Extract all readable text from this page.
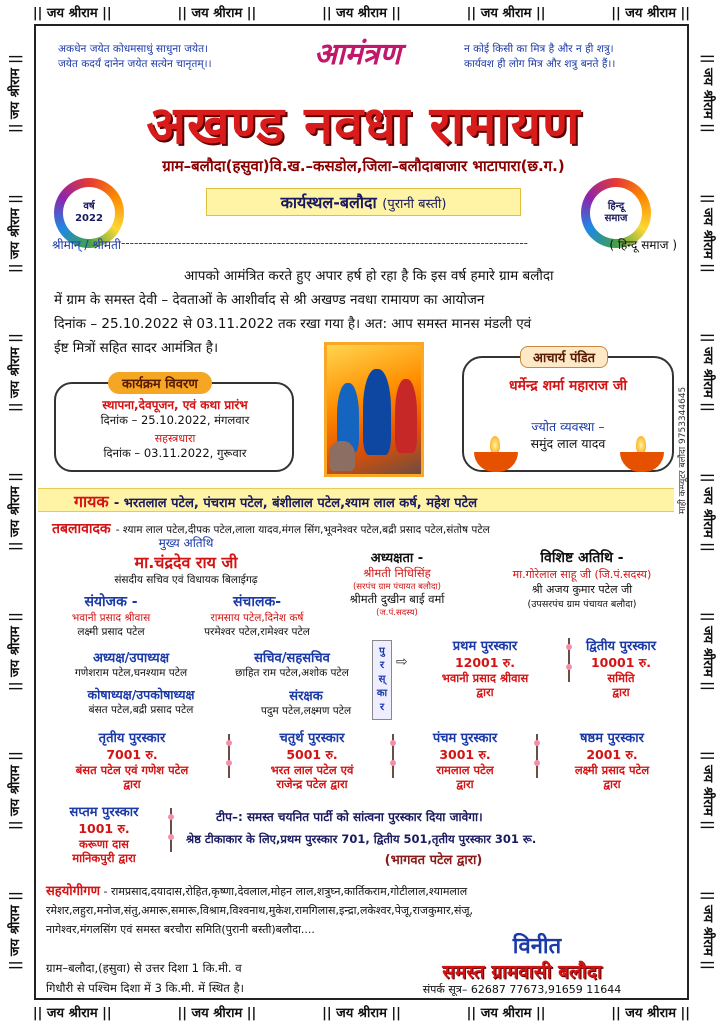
|| जय श्रीराम ||	|| जय श्रीराम ||	|| जय श्रीराम ||	|| जय श्रीराम ||	|| जय श्रीराम ||
|| जय श्रीराम ||	|| जय श्रीराम ||	|| जय श्रीराम ||	|| जय श्रीराम ||	|| जय श्रीराम ||
|| जय श्रीराम ||
|| जय श्रीराम ||
|| जय श्रीराम ||
|| जय श्रीराम ||
|| जय श्रीराम ||
|| जय श्रीराम ||
|| जय श्रीराम ||	|| जय श्रीराम ||
|| जय श्रीराम ||
|| जय श्रीराम ||
|| जय श्रीराम ||
|| जय श्रीराम ||
|| जय श्रीराम ||
|| जय श्रीराम ||
अकधेन जयेत कोधमसाधुं साधुना जयेत।
जयेत कदर्यं दानेन जयेत सत्येन चानृतम्।।	आमंत्रण	न कोई किसी का मित्र है और न ही शत्रु।
कार्यवश ही लोग मित्र और शत्रु बनते हैं।।
अखण्ड नवधा रामायण
ग्राम–बलौदा(हसुवा)वि.ख.–कसडोल,जिला–बलौदाबाजार भाटापारा(छ.ग.)
वर्ष
2022
हिन्दू
समाज
कार्यस्थल-बलौदा (पुरानी बस्ती)
श्रीमान् / श्रीमती ----------------------------------------------------------------------------------------------	( हिन्दू समाज )
आपको आमंत्रित करते हुए अपार हर्ष हो रहा है कि इस वर्ष हमारे ग्राम बलौदा
में ग्राम के समस्त देवी – देवताओं के आशीर्वाद से श्री अखण्ड नवधा रामायण का आयोजन
दिनांक – 25.10.2022 से 03.11.2022 तक रखा गया है। अत: आप समस्त मानस मंडली एवं
ईष्ट मित्रों सहित सादर आमंत्रित है।
कार्यक्रम विवरण
स्थापना,देवपूजन, एवं कथा प्रारंभ
दिनांक – 25.10.2022, मंगलवार
सहस्त्रधारा
दिनांक – 03.11.2022, गुरूवार
आचार्य पंडित
धर्मेन्द्र शर्मा महाराज जी
ज्योत व्यवस्था –
समुंद लाल यादव	माही कम्प्यूटर बलौदा 9753344645
गायक - भरतलाल पटेल, पंचराम पटेल, बंशीलाल पटेल,श्याम लाल कर्ष, महेश पटेल
तबलावादक - श्याम लाल पटेल,दीपक पटेल,लाला यादव,मंगल सिंग,भूवनेश्वर पटेल,बद्री प्रसाद पटेल,संतोष पटेल
मुख्य अतिथि
मा.चंद्रदेव राय जी
संसदीय सचिव एवं विधायक बिलाईगढ़
अध्यक्षता -
श्रीमती निधिसिंह
(सरपंच ग्राम पंचायत बलौदा)
श्रीमती दुखीन बाई वर्मा
(ज.पं.सदस्य)
विशिष्ट अतिथि -
मा.गोरेलाल साहू जी (जि.पं.सदस्य)
श्री अजय कुमार पटेल जी
(उपसरपंच ग्राम पंचायत बलौदा)
संयोजक -
भवानी प्रसाद श्रीवास
लक्ष्मी प्रसाद पटेल
संचालक-
रामसाय पटेल,दिनेश कर्ष
परमेश्वर पटेल,रामेश्वर पटेल
अध्यक्ष/उपाध्यक्ष
गणेशराम पटेल,घनश्याम पटेल
सचिव/सहसचिव
छाहित राम पटेल,अशोक पटेल
कोषाध्यक्ष/उपकोषाध्यक्ष
बंसत पटेल,बद्री प्रसाद पटेल
संरक्षक
पदुम पटेल,लक्ष्मण पटेल
पु
र
स्
का
र
⇨
प्रथम पुरस्कार
12001 रु.
भवानी प्रसाद श्रीवास
द्वारा
द्वितीय पुरस्कार
10001 रु.
समिति
द्वारा
तृतीय पुरस्कार
7001 रु.
बंसत पटेल एवं गणेश पटेल
द्वारा
चतुर्थ पुरस्कार
5001 रु.
भरत लाल पटेल एवं
राजेन्द्र पटेल द्वारा
पंचम पुरस्कार
3001 रु.
रामलाल पटेल
द्वारा
षष्ठम पुरस्कार
2001 रु.
लक्ष्मी प्रसाद पटेल
द्वारा
सप्तम पुरस्कार
1001 रु.
करूणा दास
मानिकपुरी द्वारा
टीप–: समस्त चयनित पार्टी को सांत्वना पुरस्कार दिया जावेगा।
श्रेष्ठ टीकाकार के लिए,प्रथम पुरस्कार 701, द्वितीय 501,तृतीय पुरस्कार 301 रू.
(भागवत पटेल द्वारा)
सहयोगीगण - रामप्रसाद,दयादास,रोहित,कृष्णा,देवलाल,मोहन लाल,शत्रुघ्न,कार्तिकराम,गोटीलाल,श्यामलाल
रमेशर,लहुरा,मनोज,संतु,अमारू,समारू,विश्राम,विश्वनाथ,मुकेश,रामगिलास,इन्द्रा,लकेश्वर,पेजू,राजकुमार,संजू,
नागेश्वर,मंगलसिंग एवं समस्त बरचौरा समिति(पुरानी बस्ती)बलौदा....
ग्राम–बलौदा,(हसुवा) से उत्तर दिशा 1 कि.मी. व
गिधौरी से पश्चिम दिशा में 3 कि.मी. में स्थित है।
विनीत
समस्त ग्रामवासी बलौदा
संपर्क सूत्र– 62687 77673,91659 11644
